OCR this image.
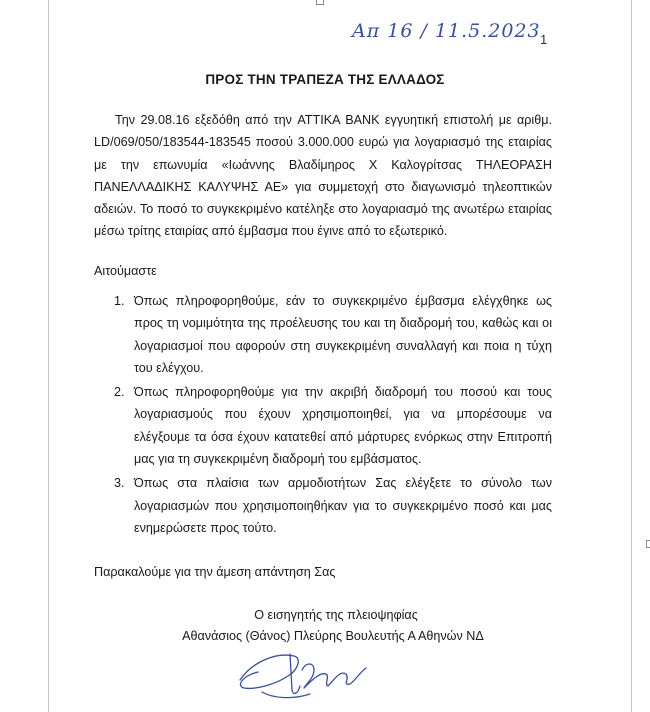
Απ 16 / 11.5.2023 1
ΠΡΟΣ ΤΗΝ ΤΡΑΠΕΖΑ ΤΗΣ ΕΛΛΑΔΟΣ
Την 29.08.16 εξεδόθη από την ATTIKA BANK εγγυητική επιστολή με αριθμ. LD/069/050/183544-183545 ποσού 3.000.000 ευρώ για λογαριασμό της εταιρίας με την επωνυμία «Ιωάννης Βλαδίμηρος Χ Καλογρίτσας ΤΗΛΕΟΡΑΣΗ ΠΑΝΕΛΛΑΔΙΚΗΣ ΚΑΛΥΨΗΣ ΑΕ» για συμμετοχή στο διαγωνισμό τηλεοπτικών αδειών. Το ποσό το συγκεκριμένο κατέληξε στο λογαριασμό της ανωτέρω εταιρίας μέσω τρίτης εταιρίας από έμβασμα που έγινε από το εξωτερικό.
Αιτούμαστε
1. Όπως πληροφορηθούμε, εάν το συγκεκριμένο έμβασμα ελέγχθηκε ως προς τη νομιμότητα της προέλευσης του και τη διαδρομή του, καθώς και οι λογαριασμοί που αφορούν στη συγκεκριμένη συναλλαγή και ποια η τύχη του ελέγχου.
2. Όπως πληροφορηθούμε για την ακριβή διαδρομή του ποσού και τους λογαριασμούς που έχουν χρησιμοποιηθεί, για να μπορέσουμε να ελέγξουμε τα όσα έχουν κατατεθεί από μάρτυρες ενόρκως στην Επιτροπή μας για τη συγκεκριμένη διαδρομή του εμβάσματος.
3. Όπως στα πλαίσια των αρμοδιοτήτων Σας ελέγξετε το σύνολο των λογαριασμών που χρησιμοποιηθήκαν για το συγκεκριμένο ποσό και μας ενημερώσετε προς τούτο.
Παρακαλούμε για την άμεση απάντηση Σας
Ο εισηγητής της πλειοψηφίας
Αθανάσιος (Θάνος) Πλεύρης Βουλευτής Α Αθηνών ΝΔ
